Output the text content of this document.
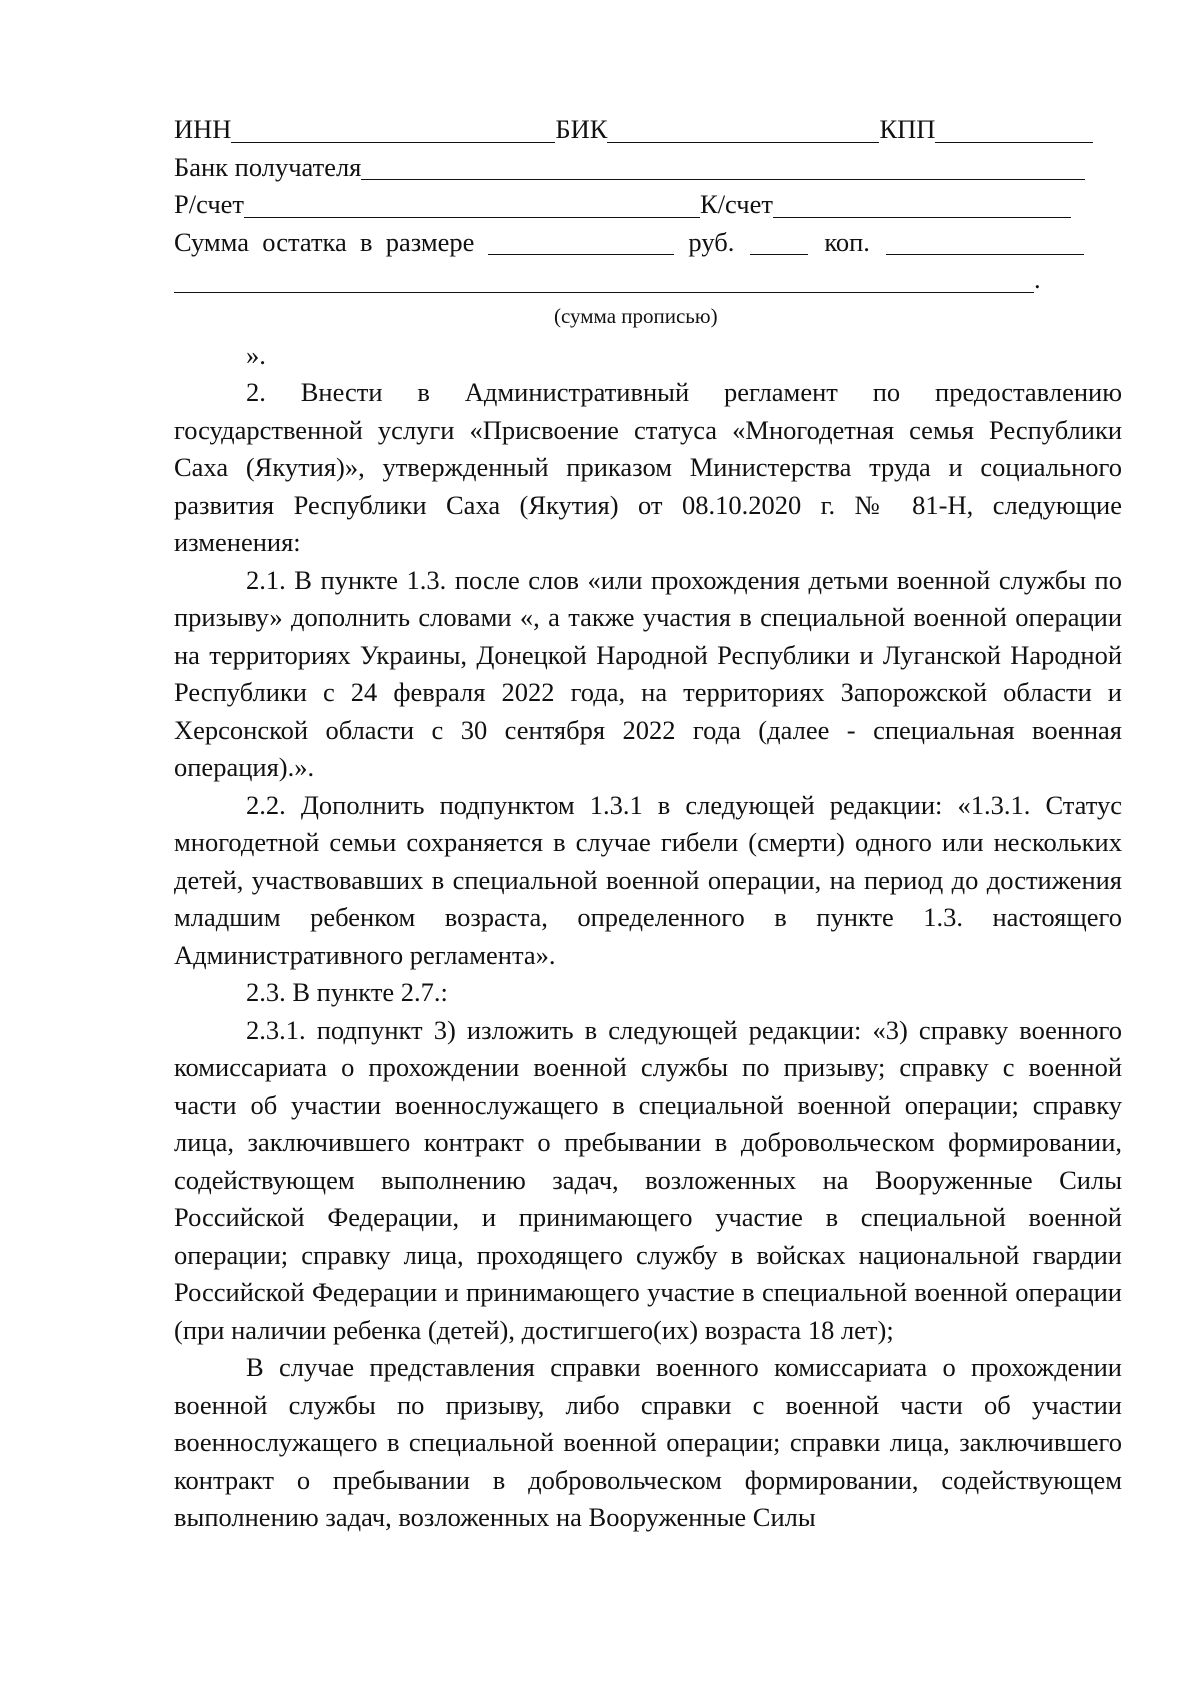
ИНН	БИК	КПП
Банк получателя
Р/счет	К/счет
Сумма  остатка  в  размере	руб.	коп.
.
(сумма прописью)
».

2. Внести в Административный регламент по предоставлению государственной услуги «Присвоение статуса «Многодетная семья Республики Саха (Якутия)», утвержденный приказом Министерства труда и социального развития Республики Саха (Якутия) от 08.10.2020 г. № 81-Н, следующие изменения:

2.1. В пункте 1.3. после слов «или прохождения детьми военной службы по призыву» дополнить словами «, а также участия в специальной военной операции на территориях Украины, Донецкой Народной Республики и Луганской Народной Республики с 24 февраля 2022 года, на территориях Запорожской области и Херсонской области с 30 сентября 2022 года (далее - специальная военная операция).».

2.2. Дополнить подпунктом 1.3.1 в следующей редакции: «1.3.1. Статус многодетной семьи сохраняется в случае гибели (смерти) одного или нескольких детей, участвовавших в специальной военной операции, на период до достижения младшим ребенком возраста, определенного в пункте 1.3. настоящего Административного регламента».

2.3. В пункте 2.7.:

2.3.1. подпункт 3) изложить в следующей редакции: «3) справку военного комиссариата о прохождении военной службы по призыву; справку с военной части об участии военнослужащего в специальной военной операции; справку лица, заключившего контракт о пребывании в добровольческом формировании, содействующем выполнению задач, возложенных на Вооруженные Силы Российской Федерации, и принимающего участие в специальной военной операции; справку лица, проходящего службу в войсках национальной гвардии Российской Федерации и принимающего участие в специальной военной операции (при наличии ребенка (детей), достигшего(их) возраста 18 лет);

В случае представления справки военного комиссариата о прохождении военной службы по призыву, либо справки с военной части об участии военнослужащего в специальной военной операции; справки лица, заключившего контракт о пребывании в добровольческом формировании, содействующем выполнению задач, возложенных на Вооруженные Силы
